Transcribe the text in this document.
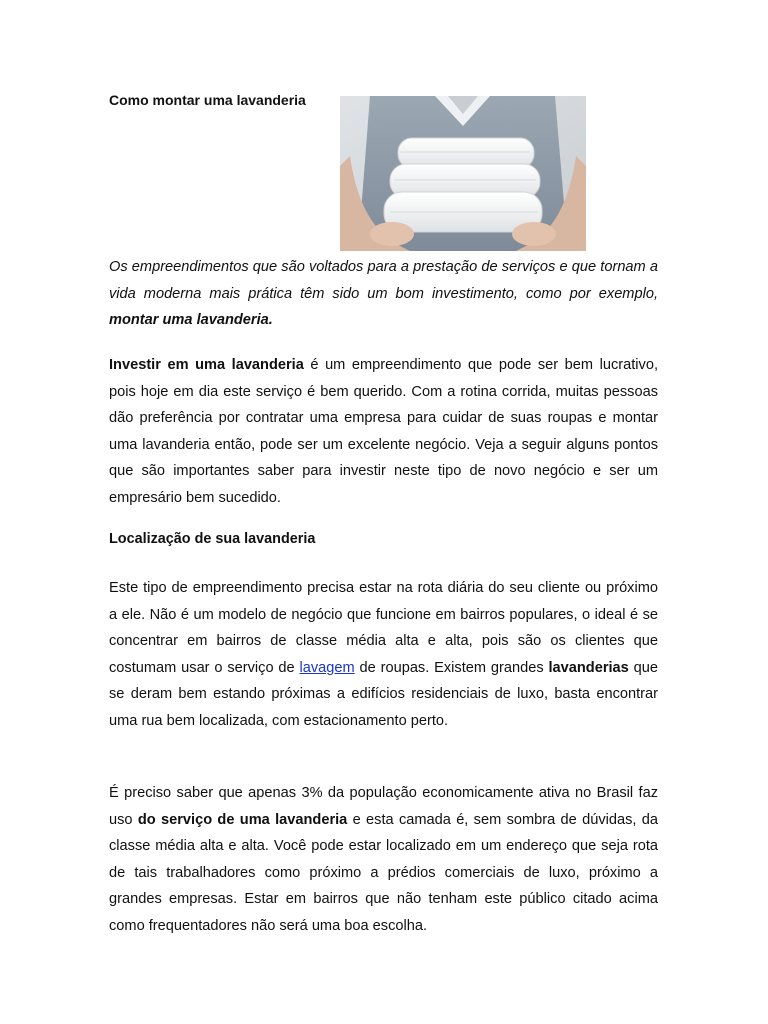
Como montar uma lavanderia

Os empreendimentos que são voltados para a prestação de serviços e que tornam a vida moderna mais prática têm sido um bom investimento, como por exemplo, montar uma lavanderia.

Investir em uma lavanderia é um empreendimento que pode ser bem lucrativo, pois hoje em dia este serviço é bem querido. Com a rotina corrida, muitas pessoas dão preferência por contratar uma empresa para cuidar de suas roupas e montar uma lavanderia então, pode ser um excelente negócio. Veja a seguir alguns pontos que são importantes saber para investir neste tipo de novo negócio e ser um empresário bem sucedido.

Localização de sua lavanderia

Este tipo de empreendimento precisa estar na rota diária do seu cliente ou próximo a ele. Não é um modelo de negócio que funcione em bairros populares, o ideal é se concentrar em bairros de classe média alta e alta, pois são os clientes que costumam usar o serviço de lavagem de roupas. Existem grandes lavanderias que se deram bem estando próximas a edifícios residenciais de luxo, basta encontrar uma rua bem localizada, com estacionamento perto.

É preciso saber que apenas 3% da população economicamente ativa no Brasil faz uso do serviço de uma lavanderia e esta camada é, sem sombra de dúvidas, da classe média alta e alta. Você pode estar localizado em um endereço que seja rota de tais trabalhadores como próximo a prédios comerciais de luxo, próximo a grandes empresas. Estar em bairros que não tenham este público citado acima como frequentadores não será uma boa escolha.
